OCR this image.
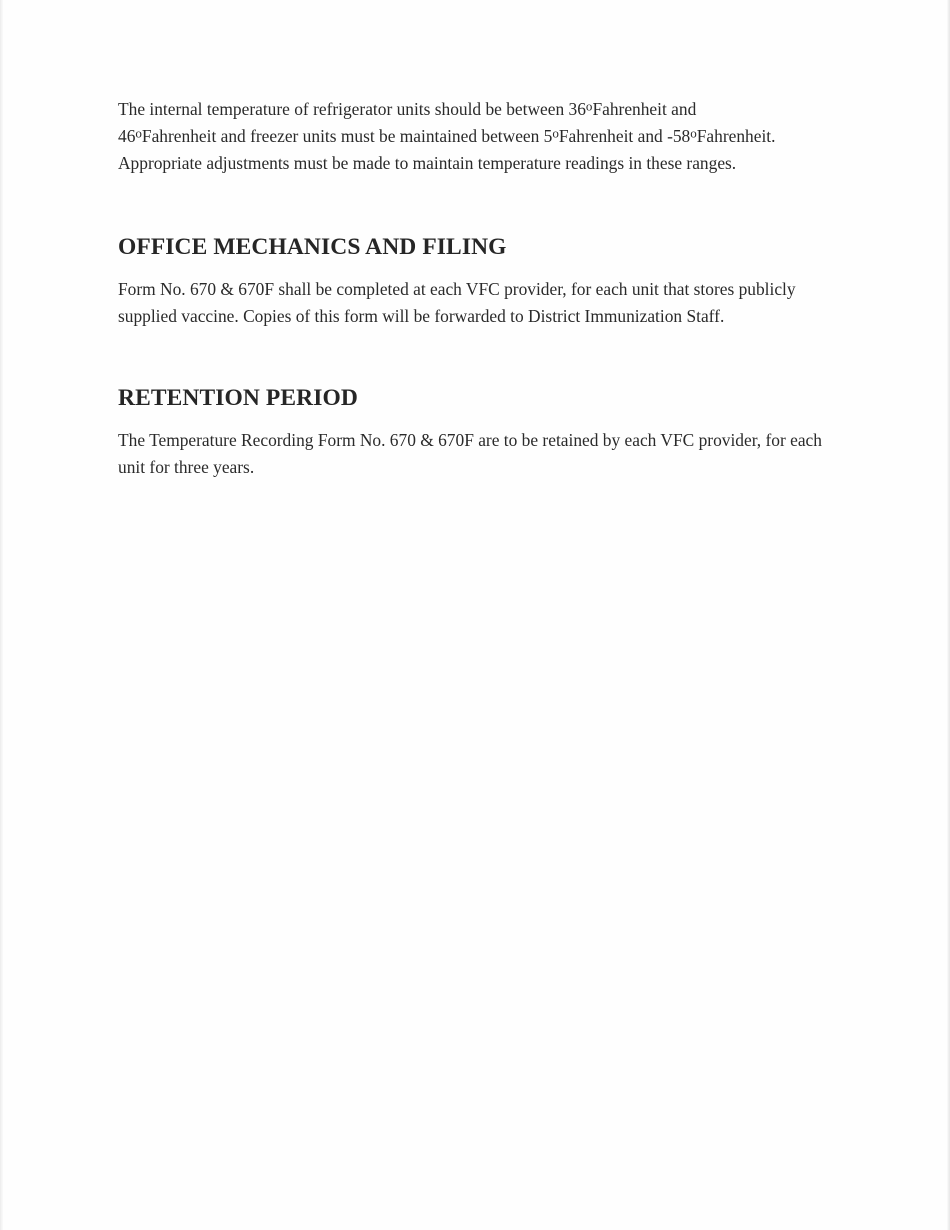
The internal temperature of refrigerator units should be between 36$^o$Fahrenheit and
46$^o$Fahrenheit and freezer units must be maintained between 5$^o$Fahrenheit and -58$^o$Fahrenheit.
Appropriate adjustments must be made to maintain temperature readings in these ranges.

OFFICE MECHANICS AND FILING

Form No. 670 & 670F shall be completed at each VFC provider, for each unit that stores publicly supplied vaccine. Copies of this form will be forwarded to District Immunization Staff.

RETENTION PERIOD

The Temperature Recording Form No. 670 & 670F are to be retained by each VFC provider, for each unit for three years.
